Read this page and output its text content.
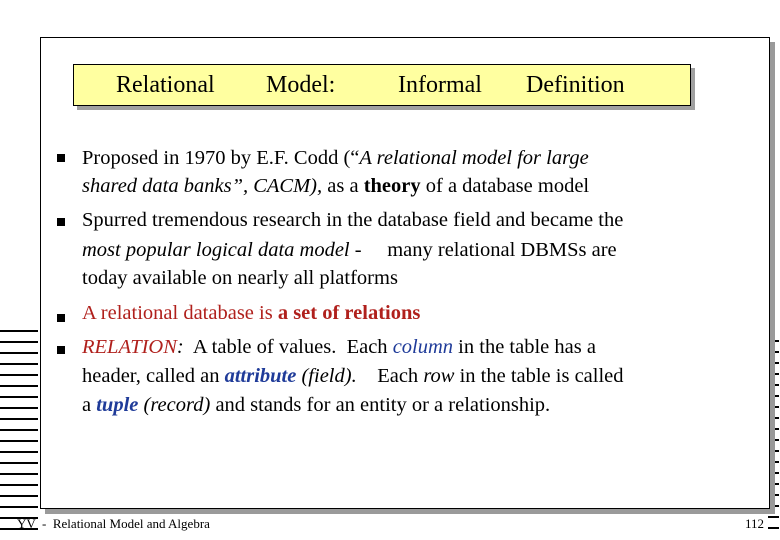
Relational Model:	Informal Definition
Proposed in 1970 by E.F. Codd (“A relational model for large
shared data banks”, CACM), as a theory of a database model
Spurred tremendous research in the database field and became the
most popular logical data model -     many relational DBMSs are
today available on nearly all platforms
A relational database is a set of relations
RELATION:  A table of values.  Each column in the table has a
header, called an attribute (field).    Each row in the table is called
a tuple (record) and stands for an entity or a relationship.
YV  -  Relational Model and Algebra	112
